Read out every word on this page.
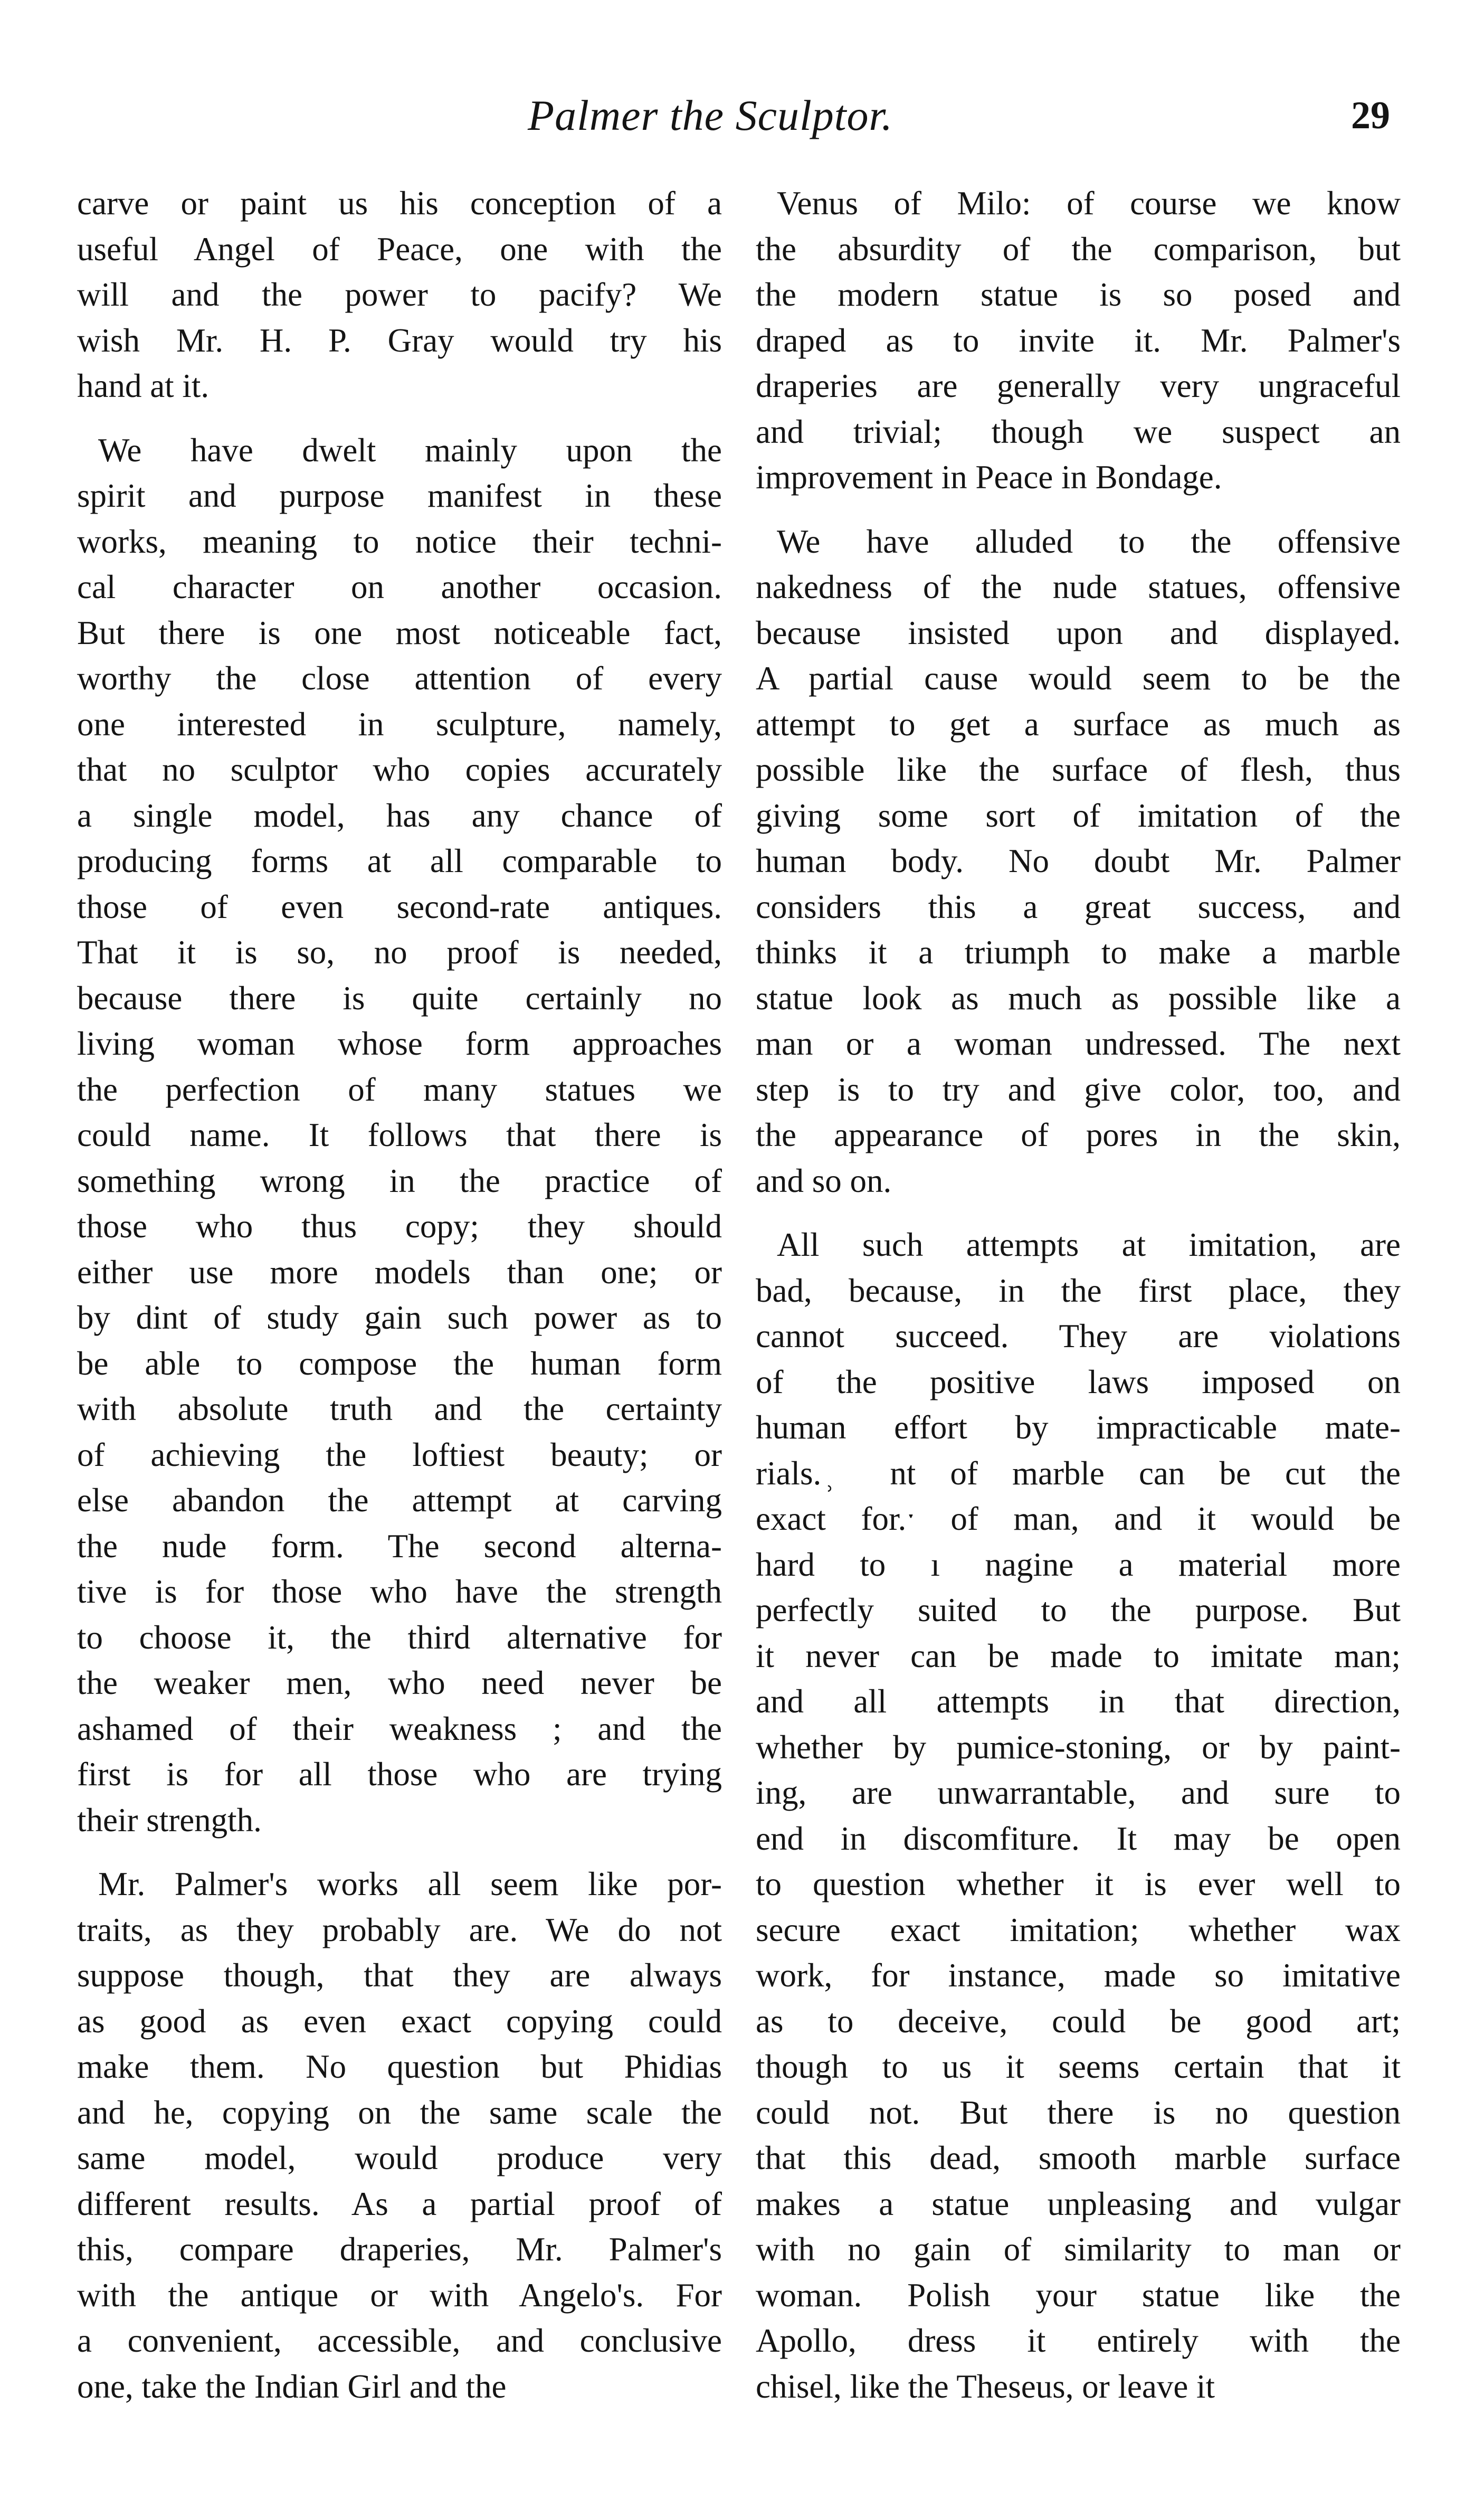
Palmer the Sculptor.	29
carve or paint us his conception of a
useful Angel of Peace, one with the
will and the power to pacify? We
wish Mr. H. P. Gray would try his
hand at it.
We have dwelt mainly upon the
spirit and purpose manifest in these
works, meaning to notice their techni-
cal character on another occasion.
But there is one most noticeable fact,
worthy the close attention of every
one interested in sculpture, namely,
that no sculptor who copies accurately
a single model, has any chance of
producing forms at all comparable to
those of even second-rate antiques.
That it is so, no proof is needed,
because there is quite certainly no
living woman whose form approaches
the perfection of many statues we
could name. It follows that there is
something wrong in the practice of
those who thus copy; they should
either use more models than one; or
by dint of study gain such power as to
be able to compose the human form
with absolute truth and the certainty
of achieving the loftiest beauty; or
else abandon the attempt at carving
the nude form. The second alterna-
tive is for those who have the strength
to choose it, the third alternative for
the weaker men, who need never be
ashamed of their weakness ; and the
first is for all those who are trying
their strength.
Mr. Palmer's works all seem like por-
traits, as they probably are. We do not
suppose though, that they are always
as good as even exact copying could
make them. No question but Phidias
and he, copying on the same scale the
same model, would produce very
different results. As a partial proof of
this, compare draperies, Mr. Palmer's
with the antique or with Angelo's. For
a convenient, accessible, and conclusive
one, take the Indian Girl and the
Venus of Milo: of course we know
the absurdity of the comparison, but
the modern statue is so posed and
draped as to invite it. Mr. Palmer's
draperies are generally very ungraceful
and trivial; though we suspect an
improvement in Peace in Bondage.
We have alluded to the offensive
nakedness of the nude statues, offensive
because insisted upon and displayed.
A partial cause would seem to be the
attempt to get a surface as much as
possible like the surface of flesh, thus
giving some sort of imitation of the
human body. No doubt Mr. Palmer
considers this a great success, and
thinks it a triumph to make a marble
statue look as much as possible like a
man or a woman undressed. The next
step is to try and give color, too, and
the appearance of pores in the skin,
and so on.
All such attempts at imitation, are
bad, because, in the first place, they
cannot succeed. They are violations
of the positive laws imposed on
human effort by impracticable mate-
rials. ̹ nt of marble can be cut the
exact for.ˑ of man, and it would be
hard to ı nagine a material more
perfectly suited to the purpose. But
it never can be made to imitate man;
and all attempts in that direction,
whether by pumice-stoning, or by paint-
ing, are unwarrantable, and sure to
end in discomfiture. It may be open
to question whether it is ever well to
secure exact imitation; whether wax
work, for instance, made so imitative
as to deceive, could be good art;
though to us it seems certain that it
could not. But there is no question
that this dead, smooth marble surface
makes a statue unpleasing and vulgar
with no gain of similarity to man or
woman. Polish your statue like the
Apollo, dress it entirely with the
chisel, like the Theseus, or leave it
